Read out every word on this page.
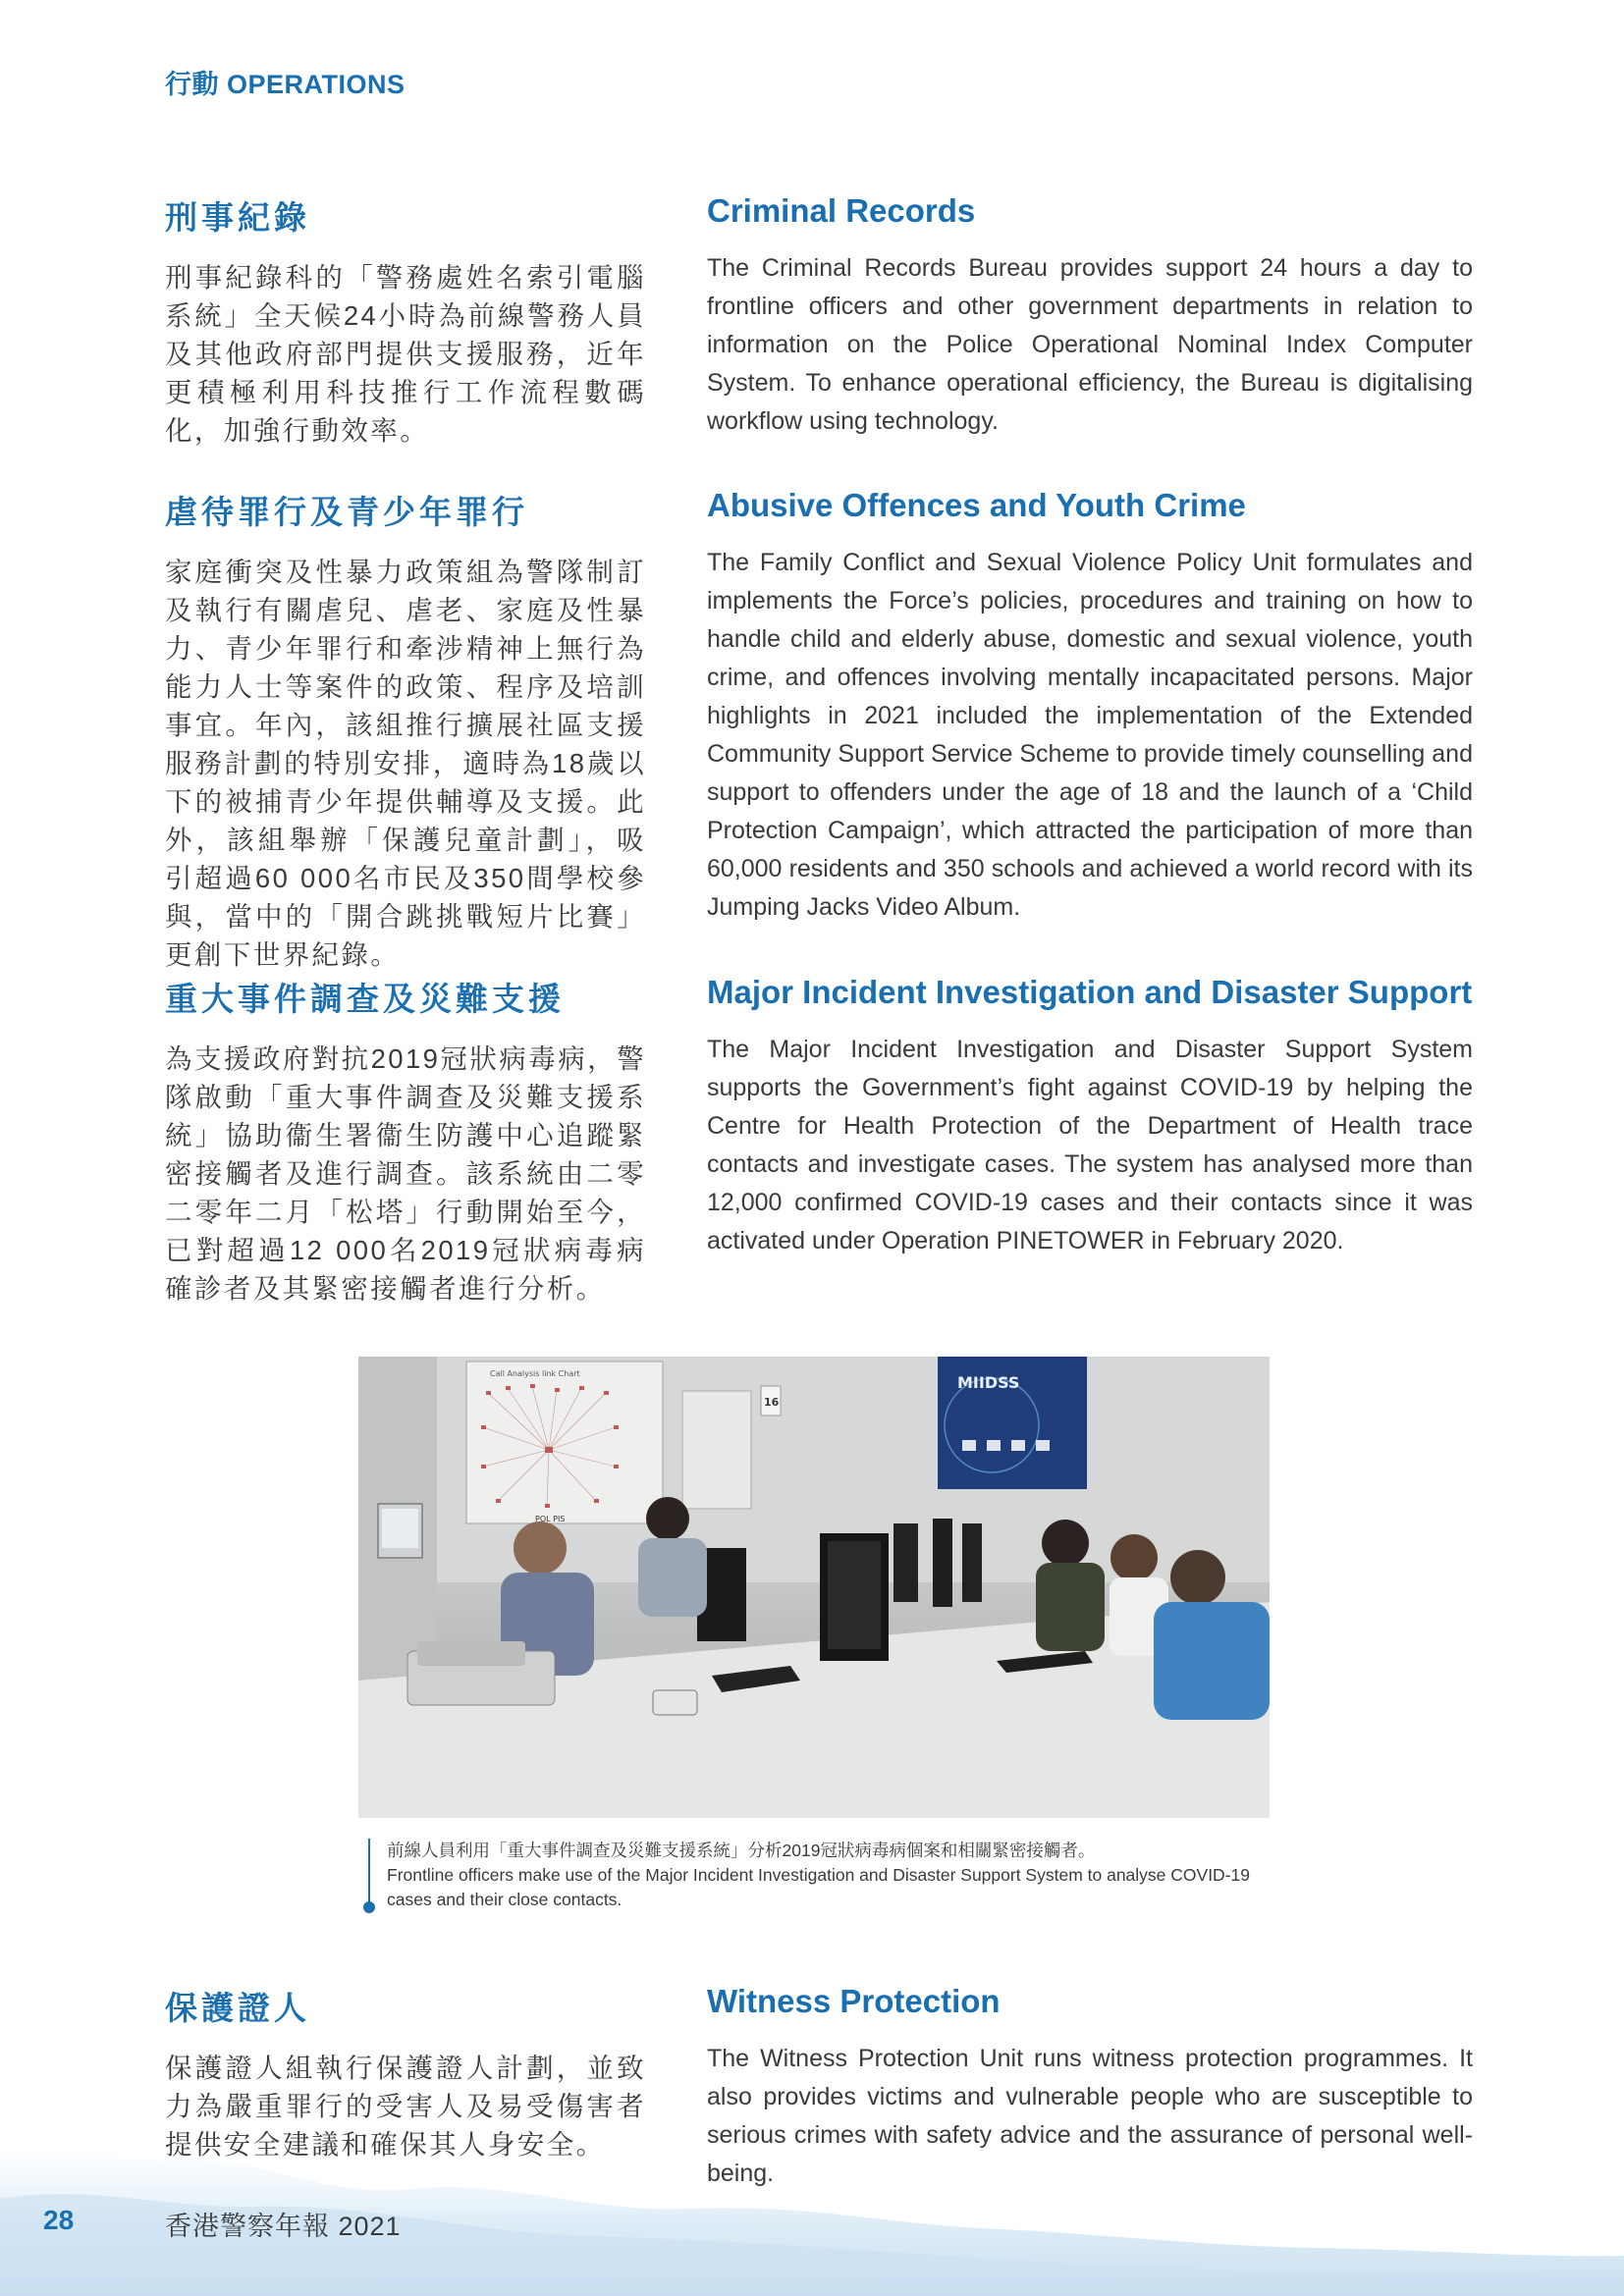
行動 OPERATIONS
刑事紀錄

刑事紀錄科的「警務處姓名索引電腦系統」全天候24小時為前線警務人員及其他政府部門提供支援服務，近年更積極利用科技推行工作流程數碼化，加強行動效率。

Criminal Records

The Criminal Records Bureau provides support 24 hours a day to frontline officers and other government departments in relation to information on the Police Operational Nominal Index Computer System. To enhance operational efficiency, the Bureau is digitalising workflow using technology.

虐待罪行及青少年罪行

家庭衝突及性暴力政策組為警隊制訂及執行有關虐兒、虐老、家庭及性暴力、青少年罪行和牽涉精神上無行為能力人士等案件的政策、程序及培訓事宜。年內，該組推行擴展社區支援服務計劃的特別安排，適時為18歲以下的被捕青少年提供輔導及支援。此外，該組舉辦「保護兒童計劃」，吸引超過60 000名市民及350間學校參與，當中的「開合跳挑戰短片比賽」更創下世界紀錄。

Abusive Offences and Youth Crime

The Family Conflict and Sexual Violence Policy Unit formulates and implements the Force’s policies, procedures and training on how to handle child and elderly abuse, domestic and sexual violence, youth crime, and offences involving mentally incapacitated persons. Major highlights in 2021 included the implementation of the Extended Community Support Service Scheme to provide timely counselling and support to offenders under the age of 18 and the launch of a ‘Child Protection Campaign’, which attracted the participation of more than 60,000 residents and 350 schools and achieved a world record with its Jumping Jacks Video Album.

重大事件調查及災難支援

為支援政府對抗2019冠狀病毒病，警隊啟動「重大事件調查及災難支援系統」協助衞生署衞生防護中心追蹤緊密接觸者及進行調查。該系統由二零二零年二月「松塔」行動開始至今，已對超過12 000名2019冠狀病毒病確診者及其緊密接觸者進行分析。

Major Incident Investigation and Disaster Support

The Major Incident Investigation and Disaster Support System supports the Government’s fight against COVID-19 by helping the Centre for Health Protection of the Department of Health trace contacts and investigate cases. The system has analysed more than 12,000 confirmed COVID-19 cases and their contacts since it was activated under Operation PINETOWER in February 2020.

Call Analysis link Chart
16
MIIDSS
POL PIS
前線人員利用「重大事件調查及災難支援系統」分析2019冠狀病毒病個案和相關緊密接觸者。
Frontline officers make use of the Major Incident Investigation and Disaster Support System to analyse COVID-19 cases and their close contacts.
保護證人

保護證人組執行保護證人計劃，並致力為嚴重罪行的受害人及易受傷害者提供安全建議和確保其人身安全。

Witness Protection

The Witness Protection Unit runs witness protection programmes. It also provides victims and vulnerable people who are susceptible to serious crimes with safety advice and the assurance of personal well-being.

28	香港警察年報 2021
